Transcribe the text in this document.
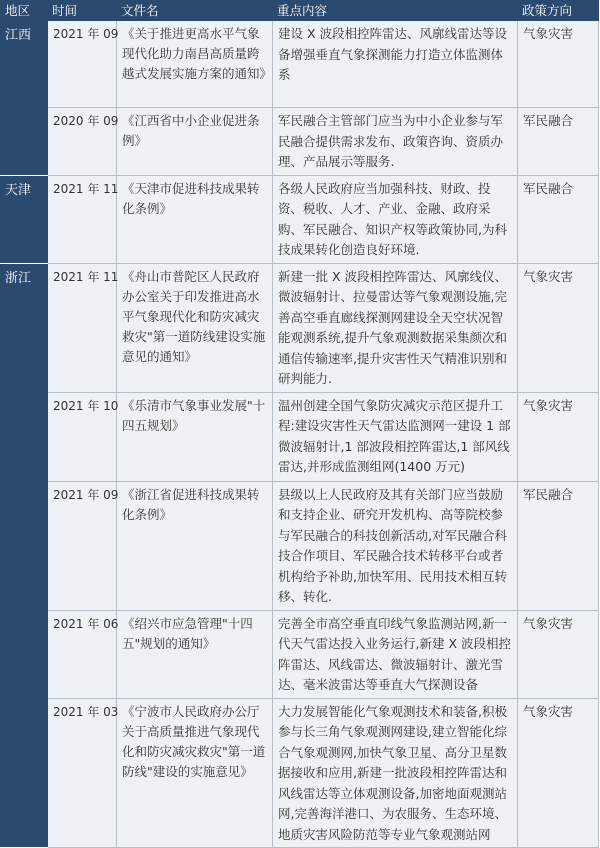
地区	时间	文件名	重点内容	政策方向
江西	2021 年 09	《关于推进更高水平气象现代化助力南昌高质量跨越式发展实施方案的通知》	建设 X 波段相控阵雷达、风廓线雷达等设备增强垂直气象探测能力打造立体监测体系	气象灾害
	2020 年 09	《江西省中小企业促进条例》	军民融合主管部门应当为中小企业参与军民融合提供需求发布、政策咨询、资质办理、产品展示等服务.	军民融合
天津	2021 年 11	《天津市促进科技成果转化条例》	各级人民政府应当加强科技、财政、投资、税收、人才、产业、金融、政府采购、军民融合、知识产权等政策协同,为科技成果转化创造良好环境.	军民融合
浙江	2021 年 11	《舟山市普陀区人民政府办公室关于印发推进高水平气象现代化和防灾减灾救灾"第一道防线建设实施意见的通知》	新建一批 X 波段相控阵雷达、风廓线仪、微波辐射计、拉曼雷达等气象观测设施,完善高空垂直廊线探测网建设全天空状况智能观测系统,提升气象观测数据采集颜次和通信传输速率,提升灾害性天气精准识别和研判能力.	气象灾害
	2021 年 10	《乐清市气象事业发展"十四五规划》	温州创建全国气象防灾减灾示范区提升工程:建设灾害性天气雷达监测网一建设 1 部微波辐射计,1 部波段相控阵雷达,1 部风线雷达,并形成监测组网(1400 万元)	气象灾害
	2021 年 09	《浙江省促进科技成果转化条例》	县级以上人民政府及其有关部门应当鼓励和支持企业、研究开发机构、高等院校参与军民融合的科技创新活动,对军民融合科技合作项目、军民融合技术转移平台或者机构给予补助,加快军用、民用技术相互转移、转化.	军民融合
	2021 年 06	《绍兴市应急管理"十四五"规划的通知》	完善全市高空垂直印线气象监测站网,新一代天气雷达投入业务运行,新建 X 波段相控阵雷达、风线雷达、微波辐射计、激光雪达、毫米波雷达等垂直大气探测设备	气象灾害
	2021 年 03	《宁波市人民政府办公厅关于高质量推进气象现代化和防灾减灾救灾"第一道防线"建设的实施意见》	大力发展智能化气象观测技术和装备,积极参与长三角气象观测网建设,建立智能化综合气象观测网,加快气象卫星、高分卫星数据接收和应用,新建一批波段相控阵雷达和风线雷达等立体观测设备,加密地面观测站网,完善海洋港口、为农服务、生态环境、地质灾害风险防范等专业气象观测站网	气象灾害
